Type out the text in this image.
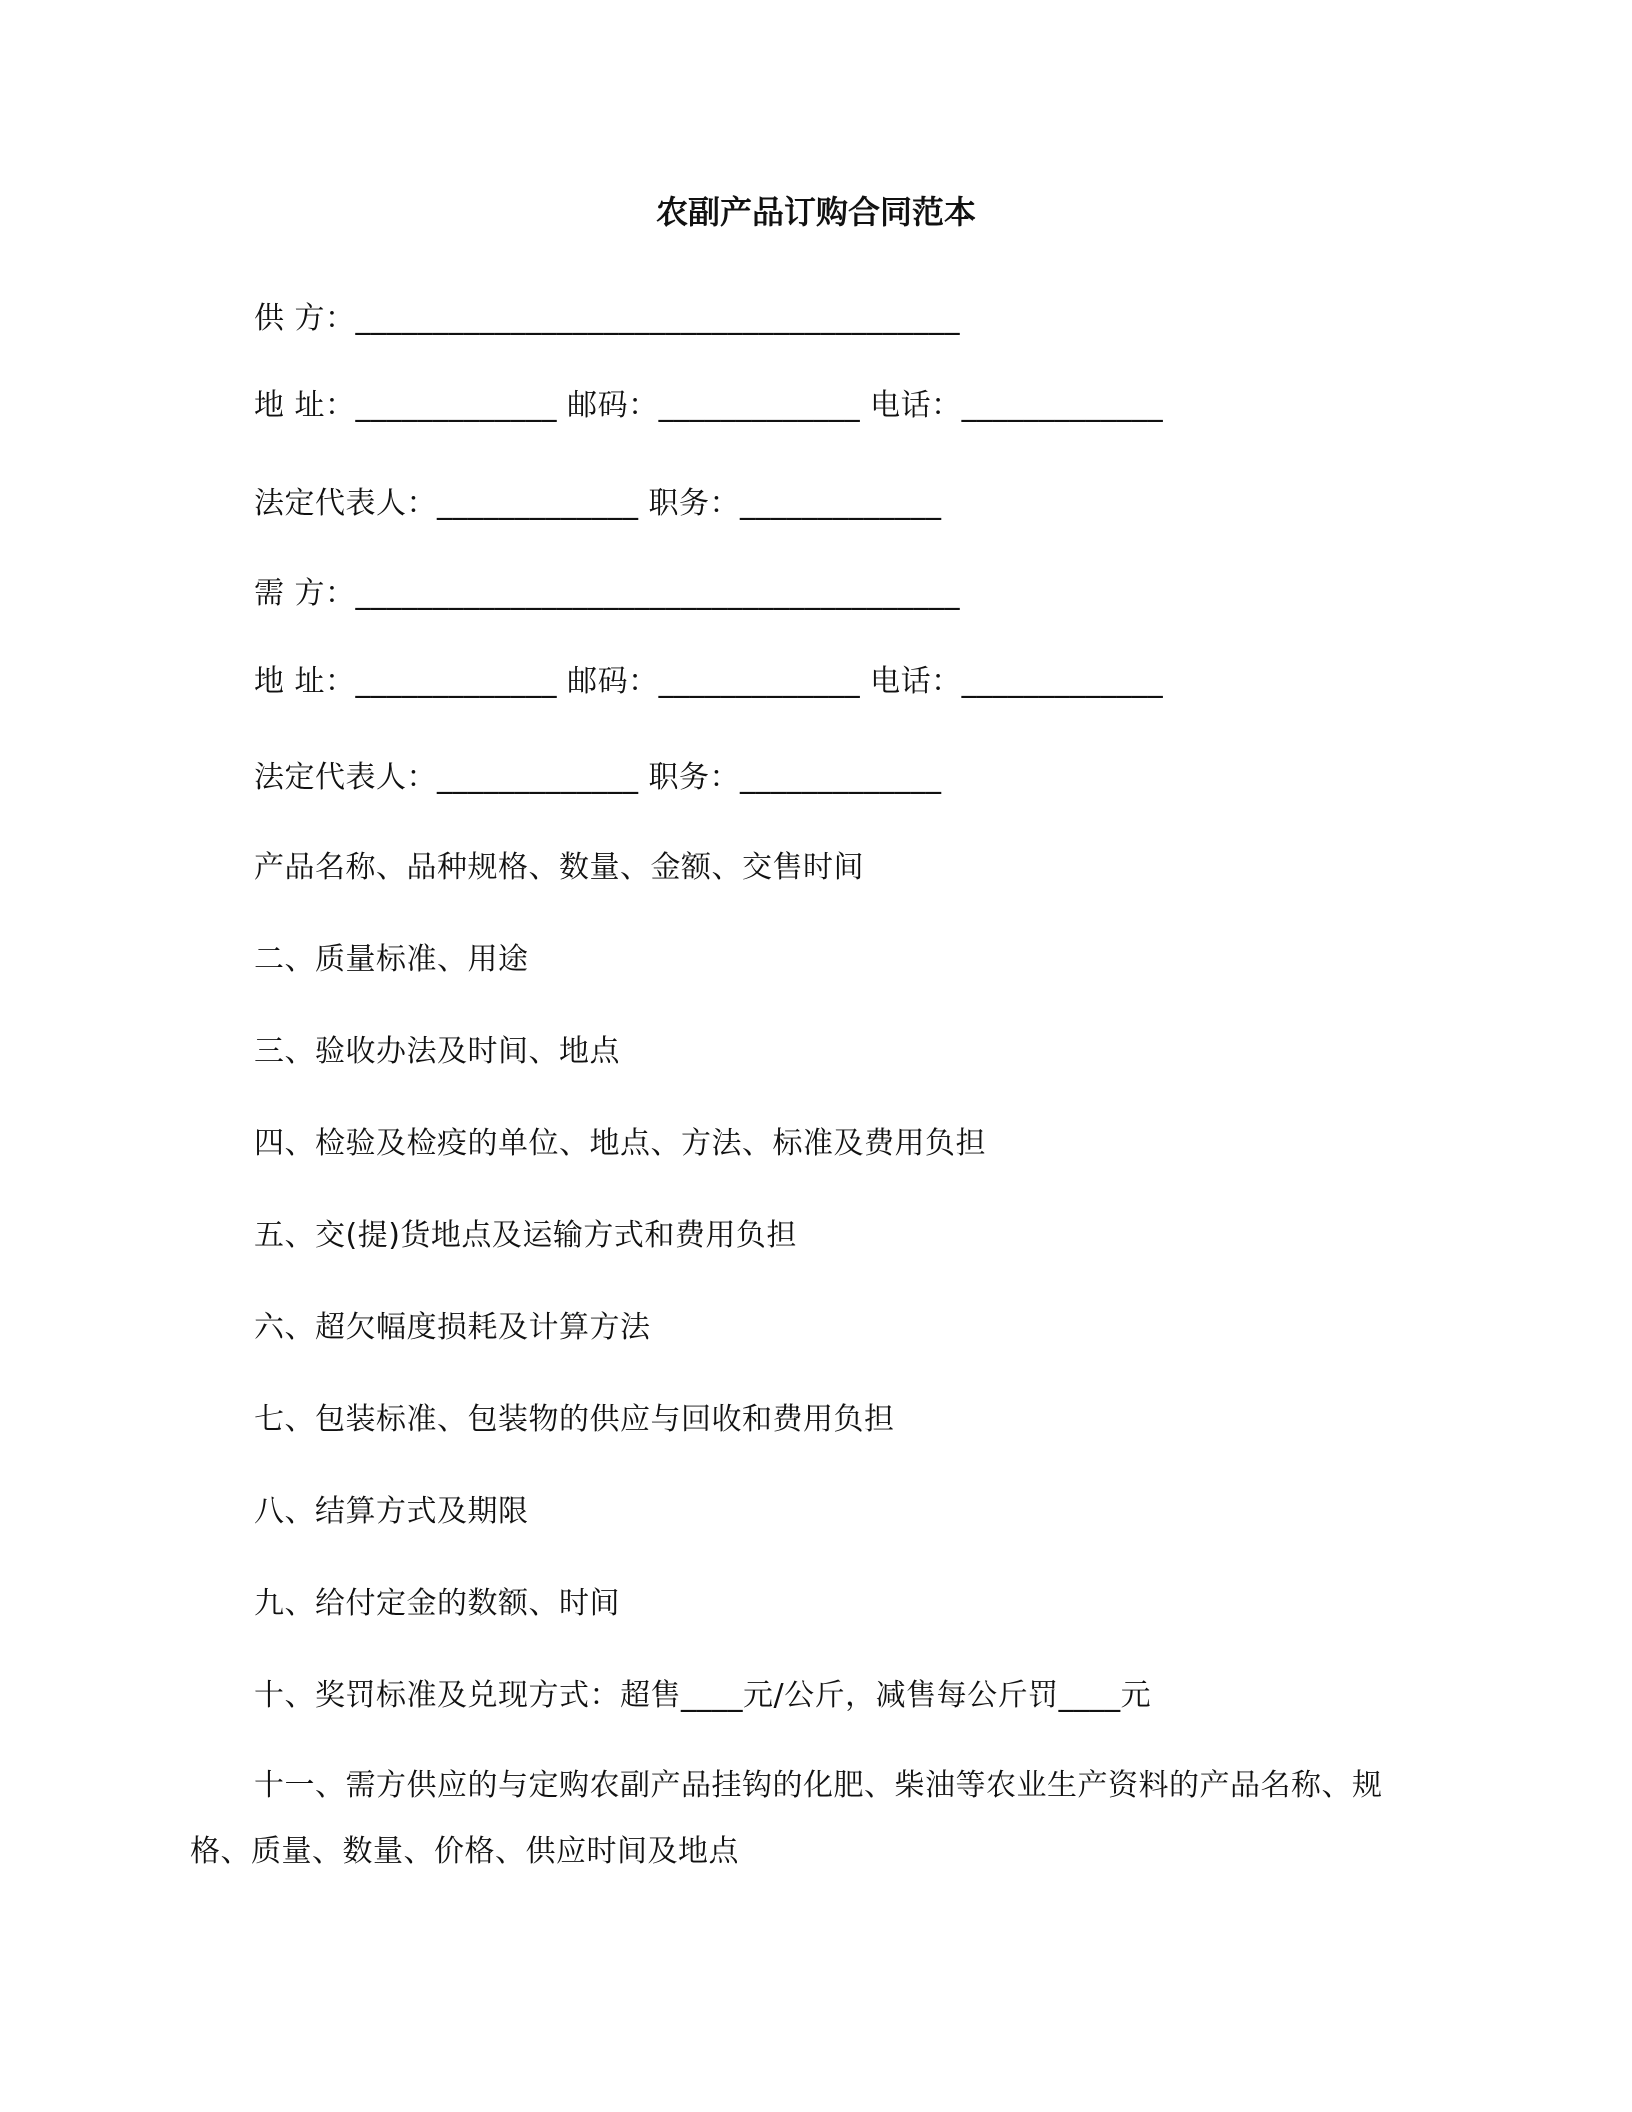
农副产品订购合同范本
供 方：_______________________________________
地 址：_____________ 邮码：_____________ 电话：_____________
法定代表人：_____________ 职务：_____________
需 方：_______________________________________
地 址：_____________ 邮码：_____________ 电话：_____________
法定代表人：_____________ 职务：_____________
产品名称、品种规格、数量、金额、交售时间
二、质量标准、用途
三、验收办法及时间、地点
四、检验及检疫的单位、地点、方法、标准及费用负担
五、交(提)货地点及运输方式和费用负担
六、超欠幅度损耗及计算方法
七、包装标准、包装物的供应与回收和费用负担
八、结算方式及期限
九、给付定金的数额、时间
十、奖罚标准及兑现方式：超售____元/公斤，减售每公斤罚____元
十一、需方供应的与定购农副产品挂钩的化肥、柴油等农业生产资料的产品名称、规格、质量、数量、价格、供应时间及地点
